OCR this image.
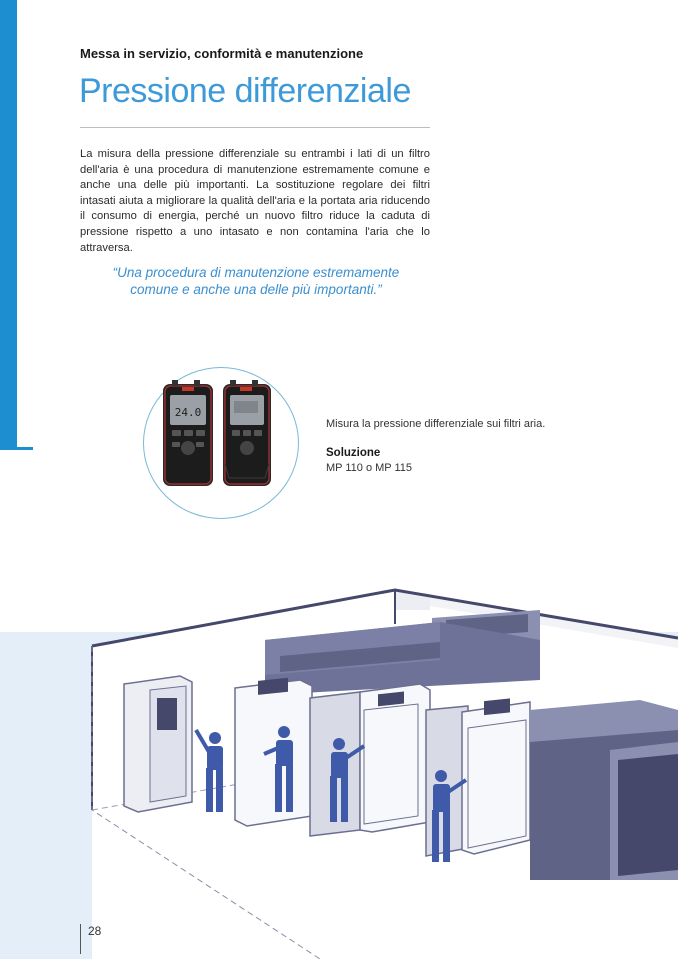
Messa in servizio, conformità e manutenzione
Pressione differenziale
La misura della pressione differenziale su entrambi i lati di un filtro dell'aria è una procedura di manutenzione estremamente comune e anche una delle più importanti. La sostituzione regolare dei filtri intasati aiuta a migliorare la qualità dell'aria e la portata aria riducendo il consumo di energia, perché un nuovo filtro riduce la caduta di pressione rispetto a uno intasato e non contamina l'aria che lo attraversa.
“Una procedura di manutenzione estremamente
comune e anche una delle più importanti.”
24.0
Misura la pressione differenziale sui filtri aria.
Soluzione
MP 110 o MP 115
28
